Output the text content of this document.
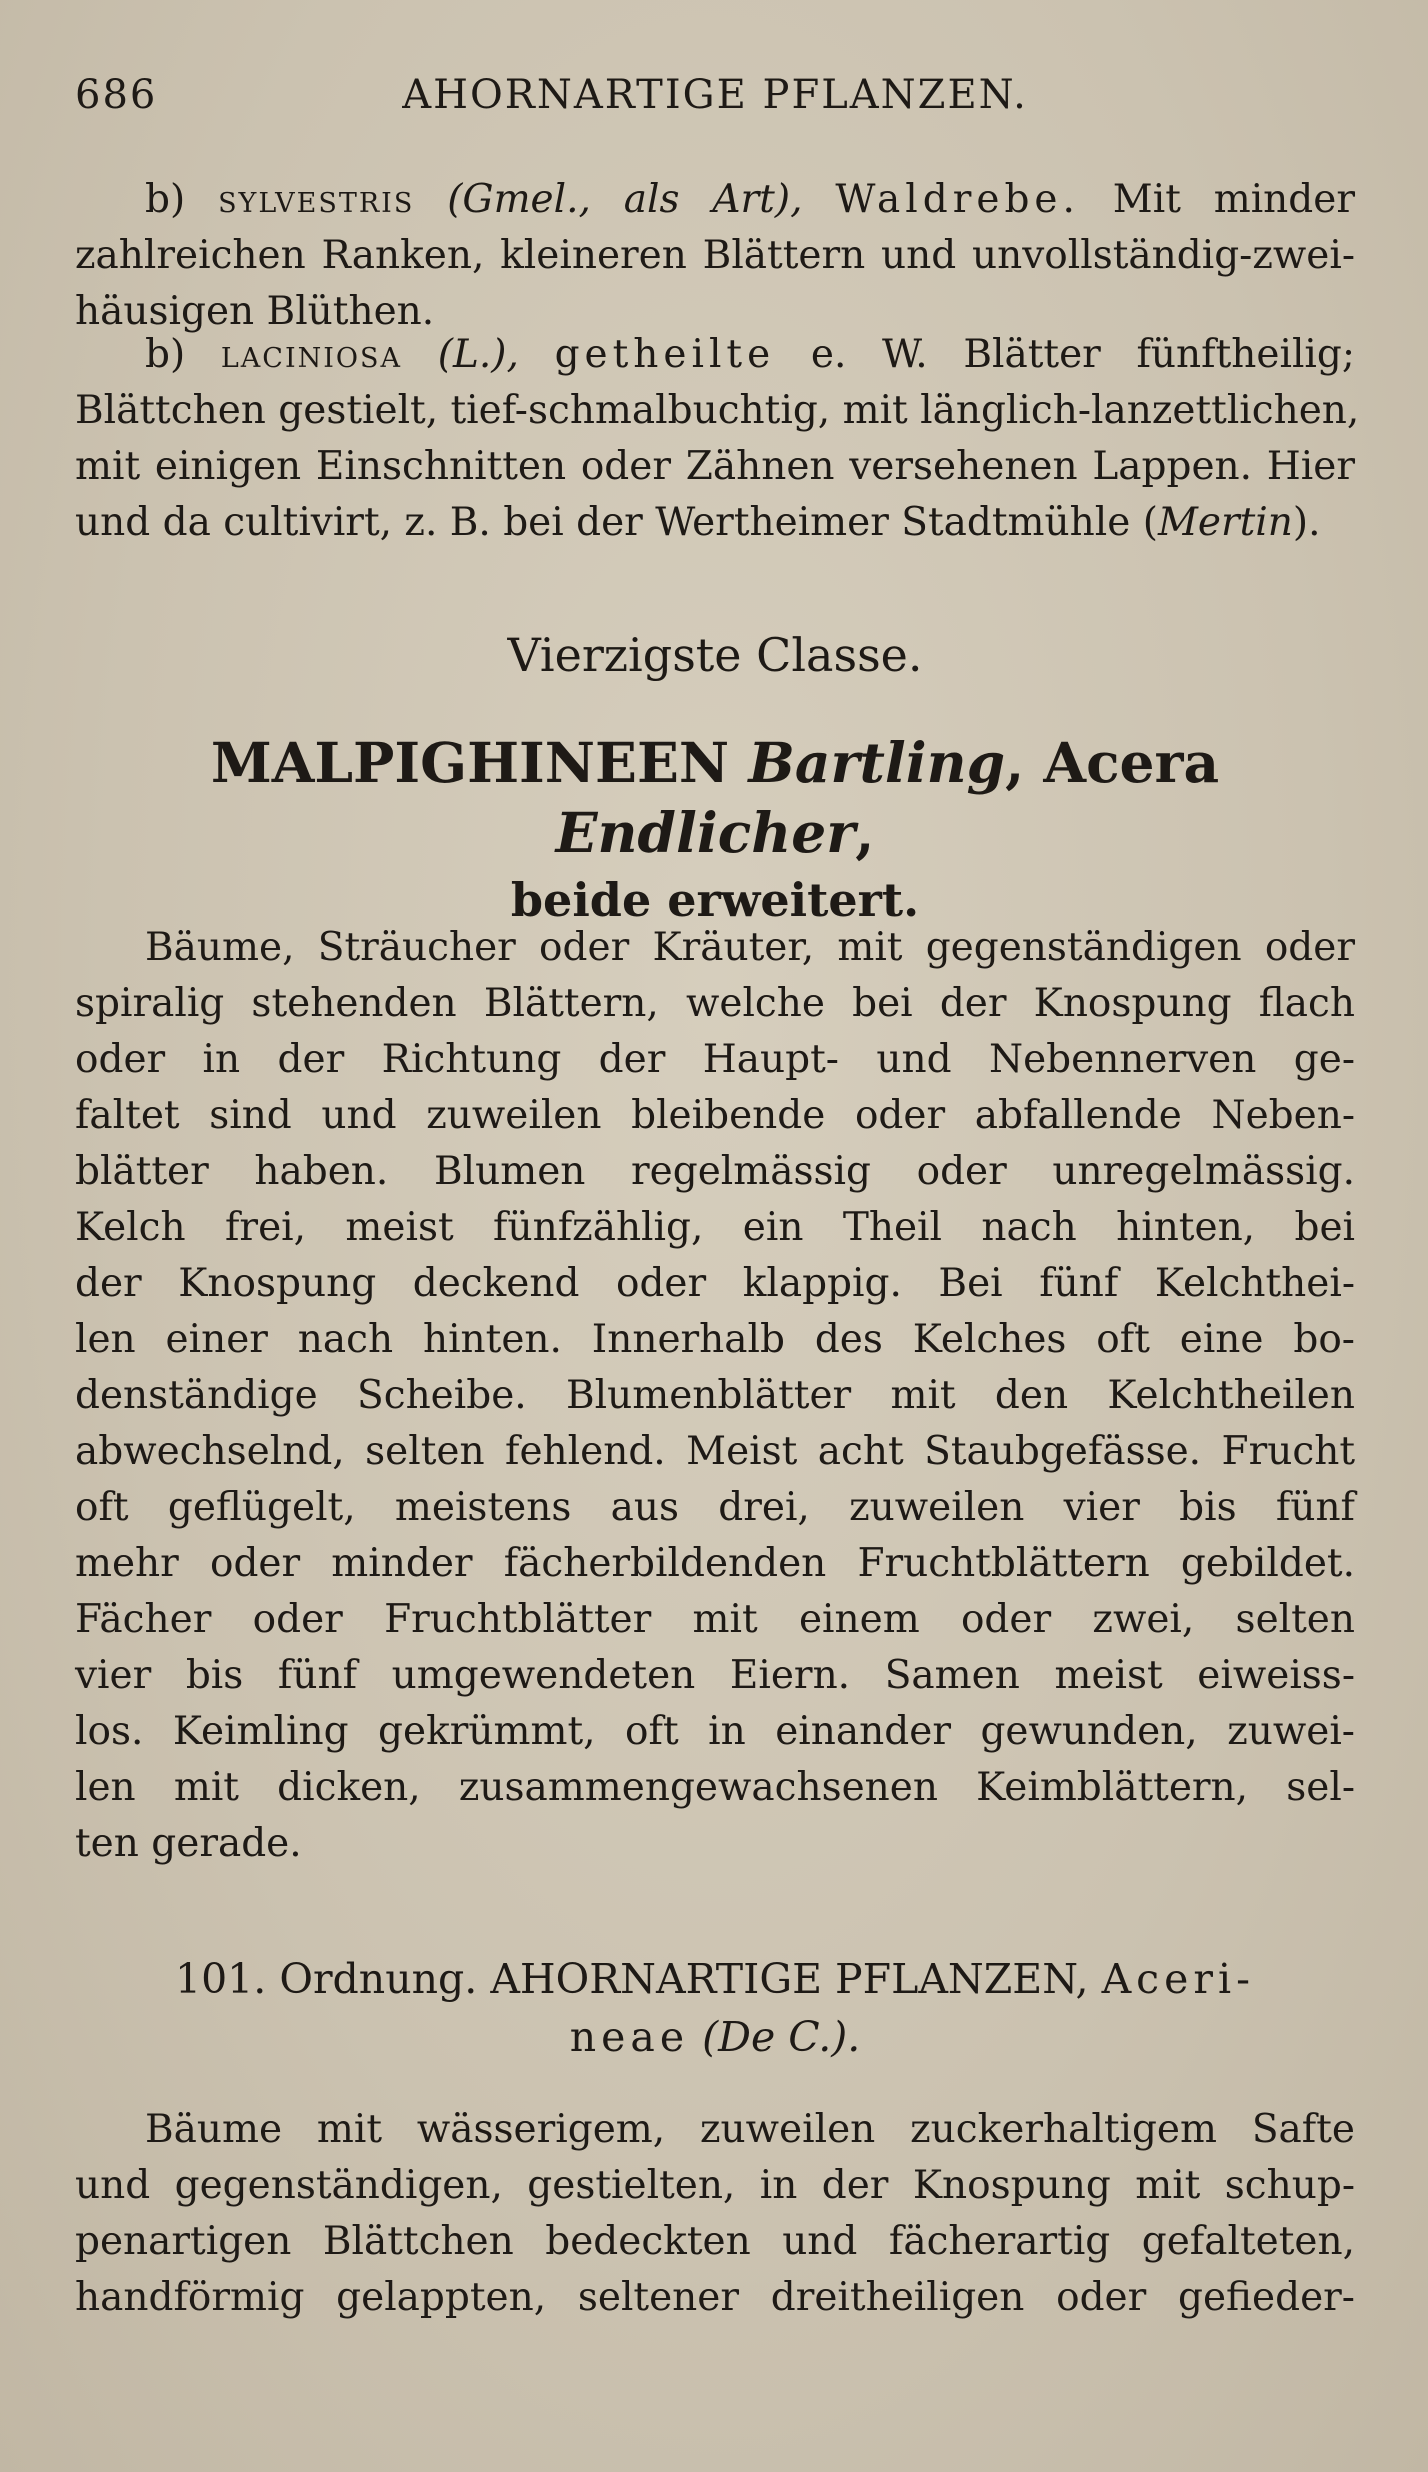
686	AHORNARTIGE PFLANZEN.

b) sylvestris (Gmel., als Art), Waldrebe. Mit minder
zahlreichen Ranken, kleineren Blättern und unvollständig-zwei-
häusigen Blüthen.

b) laciniosa (L.), getheilte e. W. Blätter fünftheilig;
Blättchen gestielt, tief-schmalbuchtig, mit länglich-lanzettlichen,
mit einigen Einschnitten oder Zähnen versehenen Lappen. Hier
und da cultivirt, z. B. bei der Wertheimer Stadtmühle (Mertin).

Vierzigste Classe.
MALPIGHINEEN Bartling, Acera Endlicher,
beide erweitert.

Bäume, Sträucher oder Kräuter, mit gegenständigen oder
spiralig stehenden Blättern, welche bei der Knospung flach
oder in der Richtung der Haupt- und Nebennerven ge-
faltet sind und zuweilen bleibende oder abfallende Neben-
blätter haben. Blumen regelmässig oder unregelmässig.
Kelch frei, meist fünfzählig, ein Theil nach hinten, bei
der Knospung deckend oder klappig. Bei fünf Kelchthei-
len einer nach hinten. Innerhalb des Kelches oft eine bo-
denständige Scheibe. Blumenblätter mit den Kelchtheilen
abwechselnd, selten fehlend. Meist acht Staubgefässe. Frucht
oft geflügelt, meistens aus drei, zuweilen vier bis fünf
mehr oder minder fächerbildenden Fruchtblättern gebildet.
Fächer oder Fruchtblätter mit einem oder zwei, selten
vier bis fünf umgewendeten Eiern. Samen meist eiweiss-
los. Keimling gekrümmt, oft in einander gewunden, zuwei-
len mit dicken, zusammengewachsenen Keimblättern, sel-
ten gerade.

101. Ordnung. AHORNARTIGE PFLANZEN, Aceri-
neae (De C.).

Bäume mit wässerigem, zuweilen zuckerhaltigem Safte
und gegenständigen, gestielten, in der Knospung mit schup-
penartigen Blättchen bedeckten und fächerartig gefalteten,
handförmig gelappten, seltener dreitheiligen oder gefieder-
